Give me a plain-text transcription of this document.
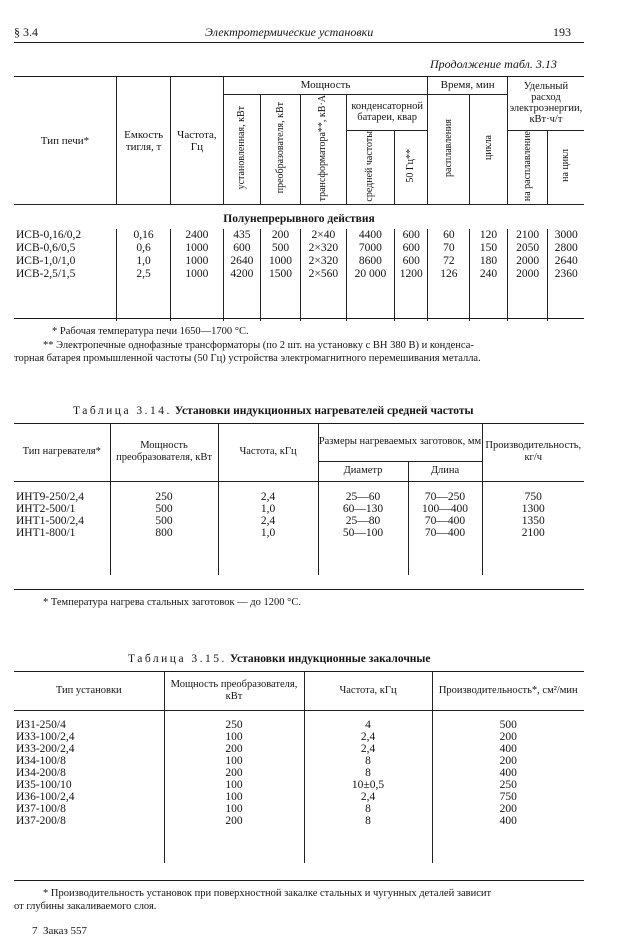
§ 3.4	Электротермические установки	193
Продолжение табл. 3.13
Тип печи*	Емкость тигля, т	Частота, Гц	Мощность					Время, мин		Удельный расход электроэнергии, кВт·ч/т	
			установленная, кВт	преобразователя, кВт	трансформатора**, кВ·А	конденсаторной батареи, квар		расплавления	цикла		
						средней частоты	50 Гц**			на расплавление	на цикл
Полунепрерывного действия											
ИСВ-0,16/0,2	0,16	2400	435	200	2×40	4400	600	60	120	2100	3000
ИСВ-0,6/0,5	0,6	1000	600	500	2×320	7000	600	70	150	2050	2800
ИСВ-1,0/1,0	1,0	1000	2640	1000	2×320	8600	600	72	180	2000	2640
ИСВ-2,5/1,5	2,5	1000	4200	1500	2×560	20 000	1200	126	240	2000	2360

* Рабочая температура печи 1650—1700 °С.
** Электропечные однофазные трансформаторы (по 2 шт. на установку с ВН 380 В) и конденса-
торная батарея промышленной частоты (50 Гц) устройства электромагнитного перемешивания металла.
Таблица 3.14. Установки индукционных нагревателей средней частоты
Тип нагревателя*	Мощность преобразователя, кВт	Частота, кГц	Размеры нагреваемых заготовок, мм		Производительность, кг/ч
			Диаметр	Длина	

ИНТ9-250/2,4	250	2,4	25—60	70—250	750
ИНТ2-500/1	500	1,0	60—130	100—400	1300
ИНТ1-500/2,4	500	2,4	25—80	70—400	1350
ИНТ1-800/1	800	1,0	50—100	70—400	2100

* Температура нагрева стальных заготовок — до 1200 °С.
Таблица 3.15. Установки индукционные закалочные
Тип установки	Мощность преобразователя, кВт	Частота, кГц	Производительность*, см²/мин

ИЗ1-250/4	250	4	500
ИЗ3-100/2,4	100	2,4	200
ИЗ3-200/2,4	200	2,4	400
ИЗ4-100/8	100	8	200
ИЗ4-200/8	200	8	400
ИЗ5-100/10	100	10±0,5	250
ИЗ6-100/2,4	100	2,4	750
ИЗ7-100/8	100	8	200
ИЗ7-200/8	200	8	400

* Производительность установок при поверхностной закалке стальных и чугунных деталей зависит
от глубины закаливаемого слоя.
7  Заказ 557
